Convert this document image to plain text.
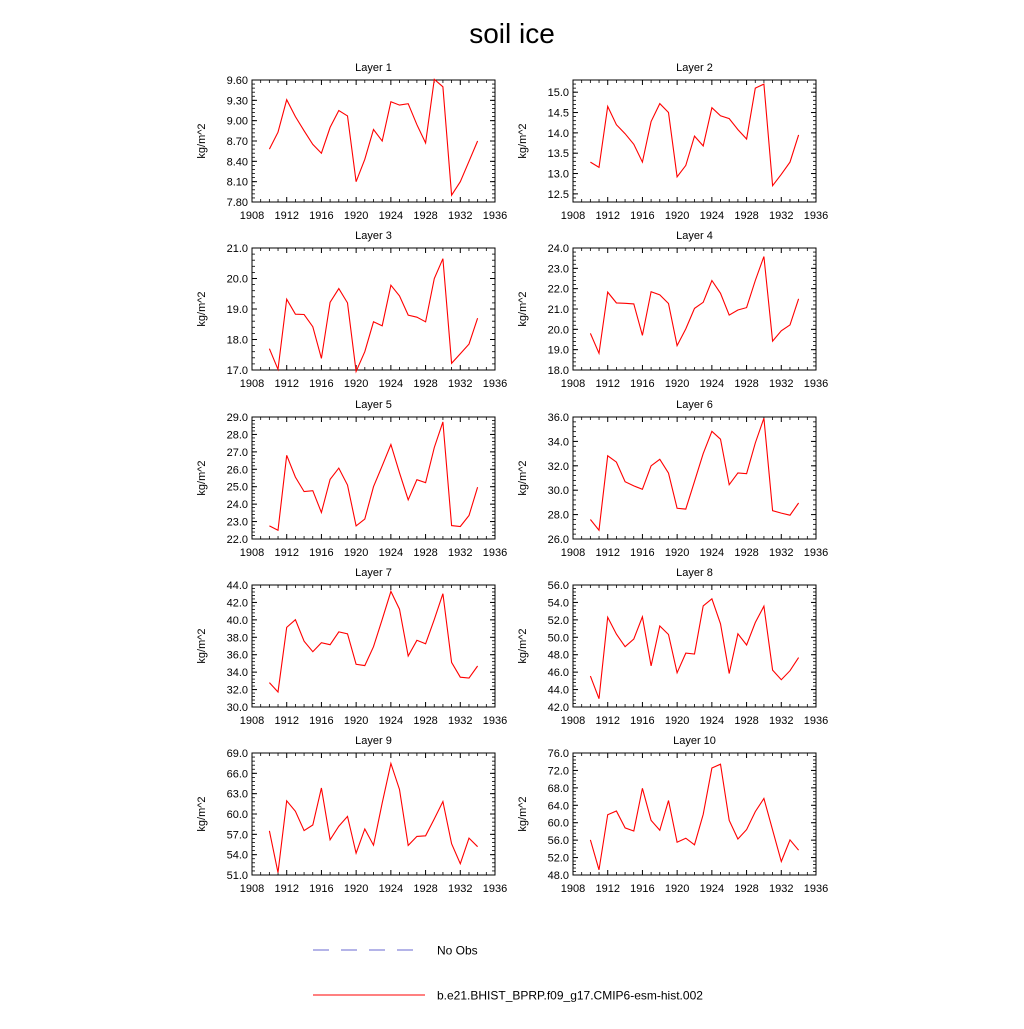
soil ice
Layer 1
kg/m^2
7.80
8.10
8.40
8.70
9.00
9.30
9.60
1908 1912 1916 1920 1924 1928 1932 1936
Layer 2
kg/m^2
12.5
13.0
13.5
14.0
14.5
15.0
1908 1912 1916 1920 1924 1928 1932 1936
Layer 3
kg/m^2
17.0
18.0
19.0
20.0
21.0
1908 1912 1916 1920 1924 1928 1932 1936
Layer 4
kg/m^2
18.0
19.0
20.0
21.0
22.0
23.0
24.0
1908 1912 1916 1920 1924 1928 1932 1936
Layer 5
kg/m^2
22.0
23.0
24.0
25.0
26.0
27.0
28.0
29.0
1908 1912 1916 1920 1924 1928 1932 1936
Layer 6
kg/m^2
26.0
28.0
30.0
32.0
34.0
36.0
1908 1912 1916 1920 1924 1928 1932 1936
Layer 7
kg/m^2
30.0
32.0
34.0
36.0
38.0
40.0
42.0
44.0
1908 1912 1916 1920 1924 1928 1932 1936
Layer 8
kg/m^2
42.0
44.0
46.0
48.0
50.0
52.0
54.0
56.0
1908 1912 1916 1920 1924 1928 1932 1936
Layer 9
kg/m^2
51.0
54.0
57.0
60.0
63.0
66.0
69.0
1908 1912 1916 1920 1924 1928 1932 1936
Layer 10
kg/m^2
48.0
52.0
56.0
60.0
64.0
68.0
72.0
76.0
1908 1912 1916 1920 1924 1928 1932 1936
No Obs
b.e21.BHIST_BPRP.f09_g17.CMIP6-esm-hist.002
